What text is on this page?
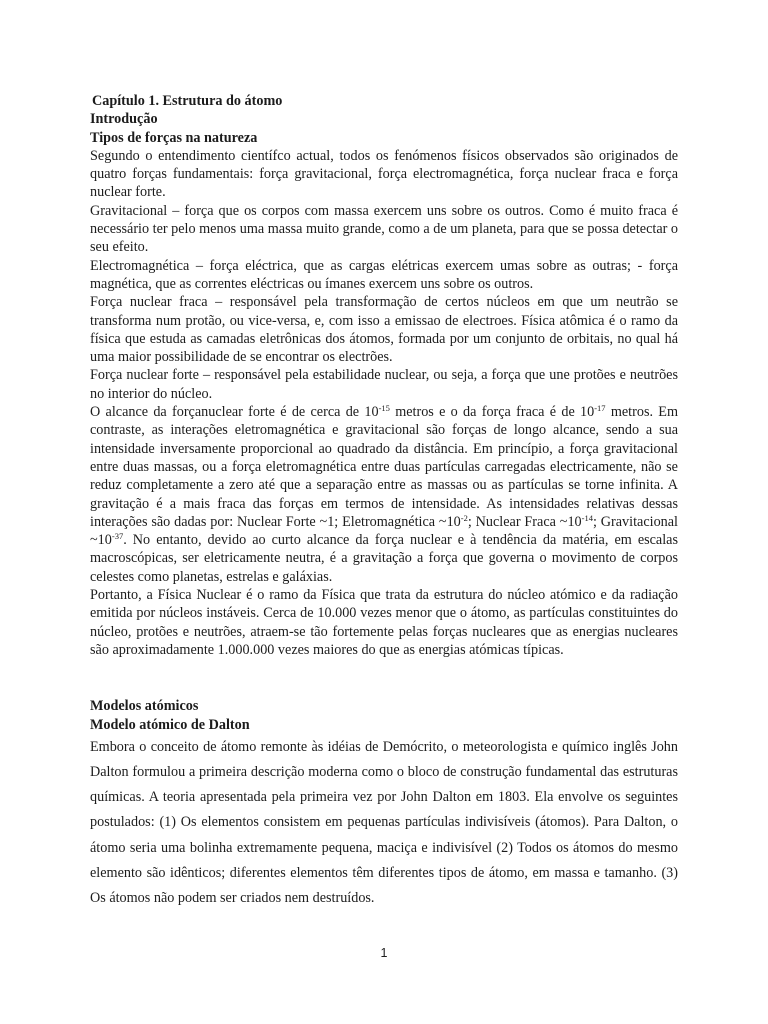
Capítulo 1. Estrutura do átomo
Introdução
Tipos de forças na natureza

Segundo o entendimento científco actual, todos os fenómenos físicos observados são originados de quatro forças fundamentais: força gravitacional, força electromagnética, força nuclear fraca e força nuclear forte.

Gravitacional – força que os corpos com massa exercem uns sobre os outros. Como é muito fraca é necessário ter pelo menos uma massa muito grande, como a de um planeta, para que se possa detectar o seu efeito.

Electromagnética – força eléctrica, que as cargas elétricas exercem umas sobre as outras; - força magnética, que as correntes eléctricas ou ímanes exercem uns sobre os outros.

Força nuclear fraca – responsável pela transformação de certos núcleos em que um neutrão se transforma num protão, ou vice-versa, e, com isso a emissao de electroes. Física atômica é o ramo da física que estuda as camadas eletrônicas dos átomos, formada por um conjunto de orbitais, no qual há uma maior possibilidade de se encontrar os electrões.

Força nuclear forte – responsável pela estabilidade nuclear, ou seja, a força que une protões e neutrões no interior do núcleo.

O alcance da forçanuclear forte é de cerca de $10^{-15}$ metros e o da força fraca é de $10^{-17}$ metros. Em contraste, as interações eletromagnética e gravitacional são forças de longo alcance, sendo a sua intensidade inversamente proporcional ao quadrado da distância. Em princípio, a força gravitacional entre duas massas, ou a força eletromagnética entre duas partículas carregadas electricamente, não se reduz completamente a zero até que a separação entre as massas ou as partículas se torne infinita. A gravitação é a mais fraca das forças em termos de intensidade. As intensidades relativas dessas interações são dadas por: Nuclear Forte ~1; Eletromagnética $\sim 10^{-2}$; Nuclear Fraca $\sim 10^{-14}$; Gravitacional $\sim 10^{-37}$. No entanto, devido ao curto alcance da força nuclear e à tendência da matéria, em escalas macroscópicas, ser eletricamente neutra, é a gravitação a força que governa o movimento de corpos celestes como planetas, estrelas e galáxias.

Portanto, a Física Nuclear é o ramo da Física que trata da estrutura do núcleo atómico e da radiação emitida por núcleos instáveis. Cerca de 10.000 vezes menor que o átomo, as partículas constituintes do núcleo, protões e neutrões, atraem-se tão fortemente pelas forças nucleares que as energias nucleares são aproximadamente 1.000.000 vezes maiores do que as energias atómicas típicas.

Modelos atómicos
Modelo atómico de Dalton

Embora o conceito de átomo remonte às idéias de Demócrito, o meteorologista e químico inglês John Dalton formulou a primeira descrição moderna como o bloco de construção fundamental das estruturas químicas. A teoria apresentada pela primeira vez por John Dalton em 1803. Ela envolve os seguintes postulados: (1) Os elementos consistem em pequenas partículas indivisíveis (átomos). Para Dalton, o átomo seria uma bolinha extremamente pequena, maciça e indivisível (2) Todos os átomos do mesmo elemento são idênticos; diferentes elementos têm diferentes tipos de átomo, em massa e tamanho. (3) Os átomos não podem ser criados nem destruídos.

1
